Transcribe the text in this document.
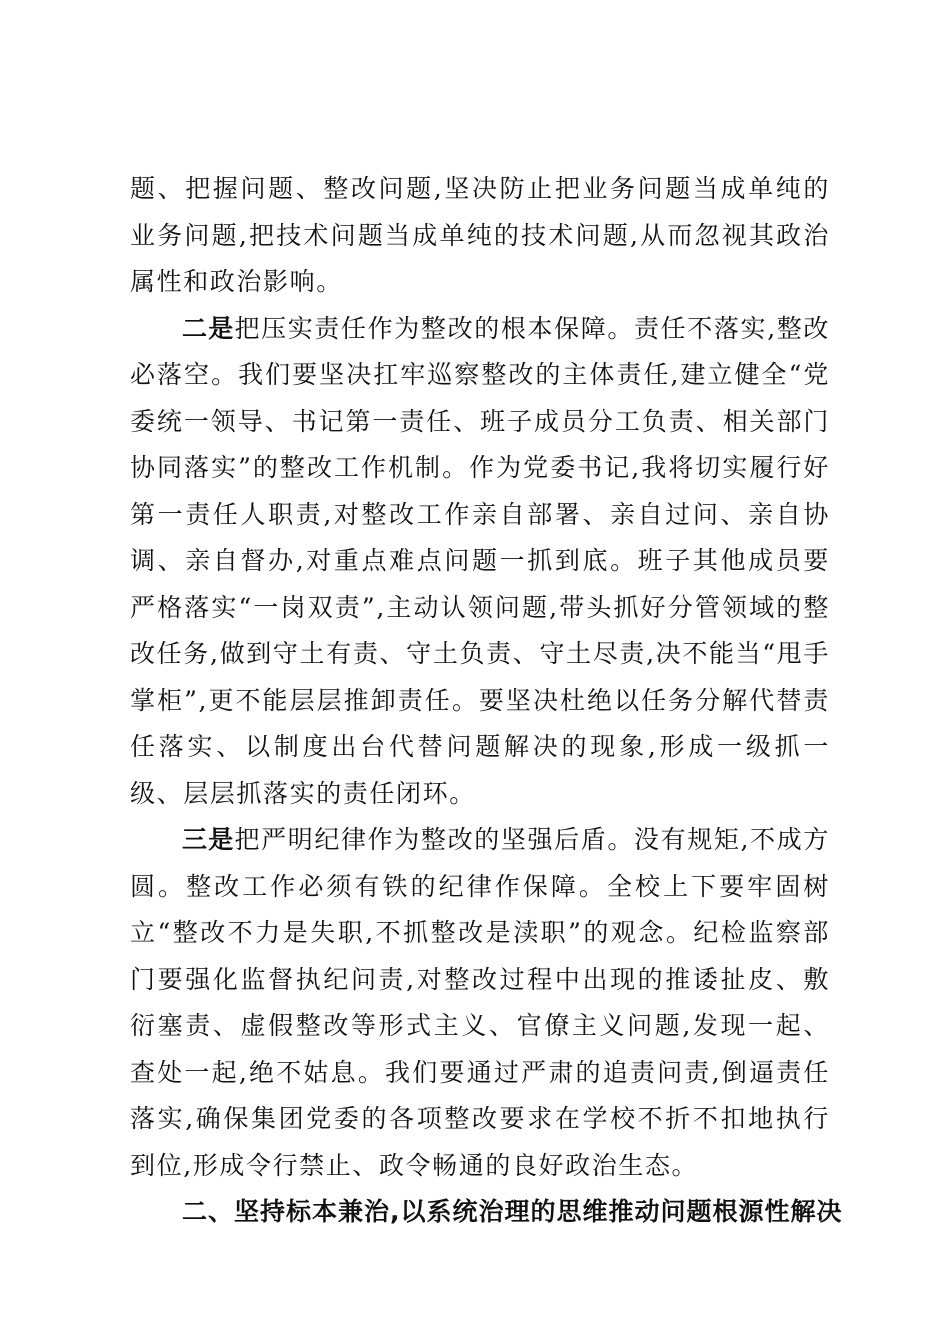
题、把握问题、整改问题,坚决防止把业务问题当成单纯的业务问题,把技术问题当成单纯的技术问题,从而忽视其政治属性和政治影响。

二是把压实责任作为整改的根本保障。责任不落实,整改必落空。我们要坚决扛牢巡察整改的主体责任,建立健全“党委统一领导、书记第一责任、班子成员分工负责、相关部门协同落实”的整改工作机制。作为党委书记,我将切实履行好第一责任人职责,对整改工作亲自部署、亲自过问、亲自协调、亲自督办,对重点难点问题一抓到底。班子其他成员要严格落实“一岗双责”,主动认领问题,带头抓好分管领域的整改任务,做到守土有责、守土负责、守土尽责,决不能当“甩手掌柜”,更不能层层推卸责任。要坚决杜绝以任务分解代替责任落实、以制度出台代替问题解决的现象,形成一级抓一级、层层抓落实的责任闭环。

三是把严明纪律作为整改的坚强后盾。没有规矩,不成方圆。整改工作必须有铁的纪律作保障。全校上下要牢固树立“整改不力是失职,不抓整改是渎职”的观念。纪检监察部门要强化监督执纪问责,对整改过程中出现的推诿扯皮、敷衍塞责、虚假整改等形式主义、官僚主义问题,发现一起、查处一起,绝不姑息。我们要通过严肃的追责问责,倒逼责任落实,确保集团党委的各项整改要求在学校不折不扣地执行到位,形成令行禁止、政令畅通的良好政治生态。

二、坚持标本兼治,以系统治理的思维推动问题根源性解决
